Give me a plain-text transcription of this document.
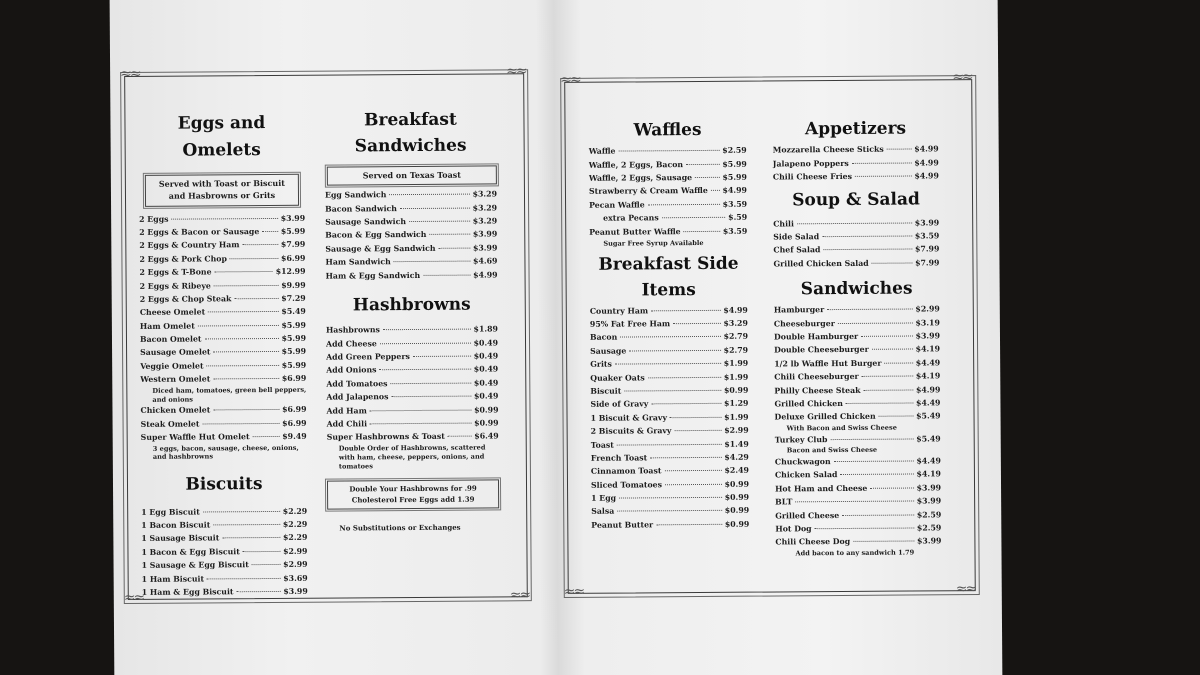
≈≈	≈≈
≈≈	≈≈
Eggs and Omelets
Served with Toast or Biscuit and Hasbrowns or Grits
2 Eggs	$3.99
2 Eggs & Bacon or Sausage	$5.99
2 Eggs & Country Ham	$7.99
2 Eggs & Pork Chop	$6.99
2 Eggs & T-Bone	$12.99
2 Eggs & Ribeye	$9.99
2 Eggs & Chop Steak	$7.29
Cheese Omelet	$5.49
Ham Omelet	$5.99
Bacon Omelet	$5.99
Sausage Omelet	$5.99
Veggie Omelet	$5.99
Western Omelet	$6.99
Diced ham, tomatoes, green bell peppers, and onions
Chicken Omelet	$6.99
Steak Omelet	$6.99
Super Waffle Hut Omelet	$9.49
3 eggs, bacon, sausage, cheese, onions, and hashbrowns
Biscuits
1 Egg Biscuit	$2.29
1 Bacon Biscuit	$2.29
1 Sausage Biscuit	$2.29
1 Bacon & Egg Biscuit	$2.99
1 Sausage & Egg Biscuit	$2.99
1 Ham Biscuit	$3.69
1 Ham & Egg Biscuit	$3.99
Breakfast Sandwiches
Served on Texas Toast
Egg Sandwich	$3.29
Bacon Sandwich	$3.29
Sausage Sandwich	$3.29
Bacon & Egg Sandwich	$3.99
Sausage & Egg Sandwich	$3.99
Ham Sandwich	$4.69
Ham & Egg Sandwich	$4.99
Hashbrowns
Hashbrowns	$1.89
Add Cheese	$0.49
Add Green Peppers	$0.49
Add Onions	$0.49
Add Tomatoes	$0.49
Add Jalapenos	$0.49
Add Ham	$0.99
Add Chili	$0.99
Super Hashbrowns & Toast	$6.49
Double Order of Hashbrowns, scattered with ham, cheese, peppers, onions, and tomatoes
Double Your Hashbrowns for .99 Cholesterol Free Eggs add 1.39
No Substitutions or Exchanges
≈≈	≈≈
≈≈	≈≈
Waffles
Waffle	$2.59
Waffle, 2 Eggs, Bacon	$5.99
Waffle, 2 Eggs, Sausage	$5.99
Strawberry & Cream Waffle $4.99
Pecan Waffle	$3.59
extra Pecans	$.59
Peanut Butter Waffle	$3.59
Sugar Free Syrup Available
Breakfast Side Items
Country Ham	$4.99
95% Fat Free Ham	$3.29
Bacon	$2.79
Sausage	$2.79
Grits	$1.99
Quaker Oats	$1.99
Biscuit	$0.99
Side of Gravy	$1.29
1 Biscuit & Gravy	$1.99
2 Biscuits & Gravy	$2.99
Toast	$1.49
French Toast	$4.29
Cinnamon Toast	$2.49
Sliced Tomatoes	$0.99
1 Egg	$0.99
Salsa	$0.99
Peanut Butter	$0.99
Appetizers
Mozzarella Cheese Sticks	$4.99
Jalapeno Poppers	$4.99
Chili Cheese Fries	$4.99
Soup & Salad
Chili	$3.99
Side Salad	$3.59
Chef Salad	$7.99
Grilled Chicken Salad	$7.99
Sandwiches
Hamburger	$2.99
Cheeseburger	$3.19
Double Hamburger	$3.99
Double Cheeseburger	$4.19
1/2 lb Waffle Hut Burger	$4.49
Chili Cheeseburger	$4.19
Philly Cheese Steak	$4.99
Grilled Chicken	$4.49
Deluxe Grilled Chicken	$5.49
With Bacon and Swiss Cheese
Turkey Club	$5.49
Bacon and Swiss Cheese
Chuckwagon	$4.49
Chicken Salad	$4.19
Hot Ham and Cheese	$3.99
BLT	$3.99
Grilled Cheese	$2.59
Hot Dog	$2.59
Chili Cheese Dog	$3.99
Add bacon to any sandwich 1.79
